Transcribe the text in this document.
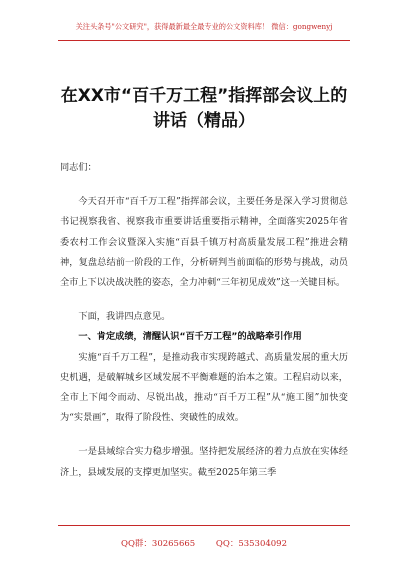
关注头条号"公文研究"，获得最新最全最专业的公文资料库！ 微信：gongwenyj
在XX市“百千万工程”指挥部会议上的
讲话（精品）

同志们：

今天召开市“百千万工程”指挥部会议，主要任务是深入学习贯彻总书记视察我省、视察我市重要讲话重要指示精神，全面落实2025年省委农村工作会议暨深入实施“百县千镇万村高质量发展工程”推进会精神，复盘总结前一阶段的工作，分析研判当前面临的形势与挑战，动员全市上下以决战决胜的姿态，全力冲刺“三年初见成效”这一关键目标。

下面，我讲四点意见。

一、肯定成绩，清醒认识“百千万工程”的战略牵引作用

实施“百千万工程”，是推动我市实现跨越式、高质量发展的重大历史机遇，是破解城乡区域发展不平衡难题的治本之策。工程启动以来，全市上下闻令而动、尽锐出战，推动“百千万工程”从“施工图”加快变为“实景画”，取得了阶段性、突破性的成效。

一是县域综合实力稳步增强。坚持把发展经济的着力点放在实体经济上，县域发展的支撑更加坚实。截至2025年第三季

QQ群：30265665 QQ：535304092
